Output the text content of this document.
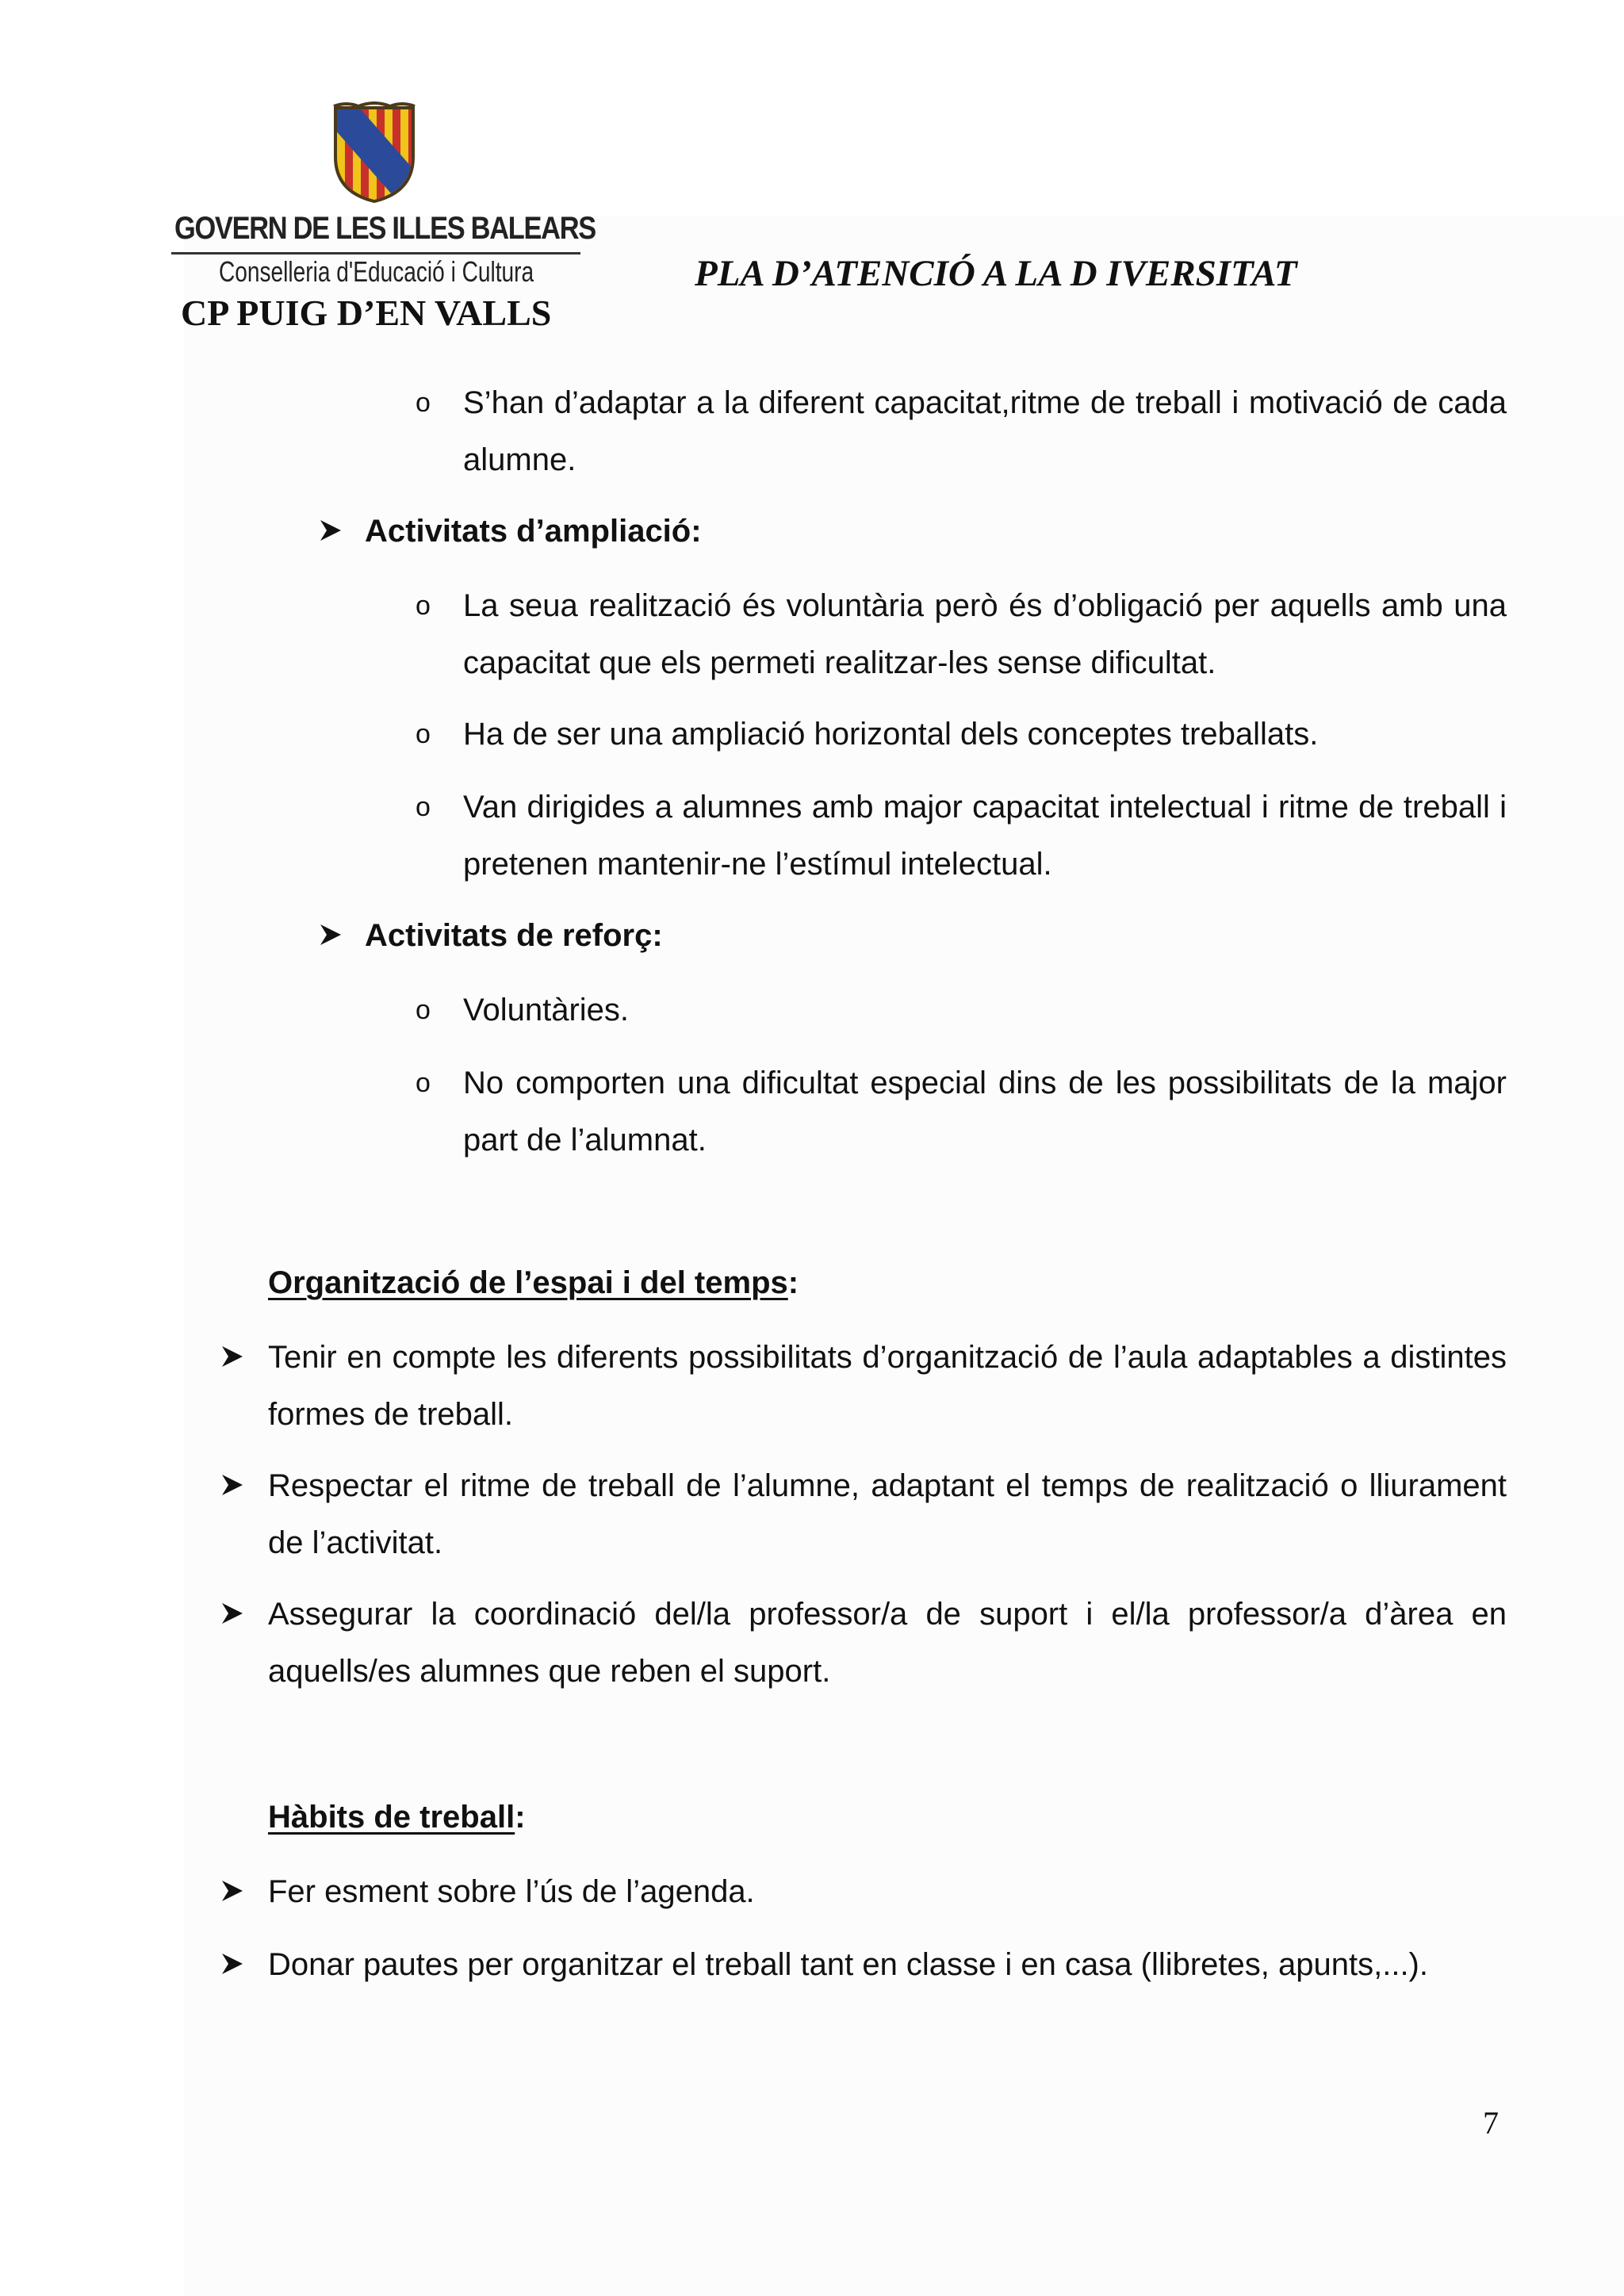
GOVERN DE LES ILLES BALEARS
Conselleria d'Educació i Cultura
CP PUIG D’EN VALLS
PLA D’ATENCIÓ A LA D IVERSITAT
o S’han d’adaptar a la diferent capacitat,ritme de treball i motivació de cada alumne.
Activitats d’ampliació:
o La seua realització és voluntària però és d’obligació per aquells amb una capacitat que els permeti realitzar-les sense dificultat.
o Ha de ser una ampliació horizontal dels conceptes treballats.
o Van dirigides a alumnes amb major capacitat intelectual i ritme de treball i pretenen mantenir-ne l’estímul intelectual.
Activitats de reforç:
o Voluntàries.
o No comporten una dificultat especial dins de les possibilitats de la major part de l’alumnat.
Organització de l’espai i del temps:
Tenir en compte les diferents possibilitats d’organització de l’aula adaptables a distintes formes de treball.
Respectar el ritme de treball de l’alumne, adaptant el temps de realització o lliurament de l’activitat.
Assegurar la coordinació del/la professor/a de suport i el/la professor/a d’àrea en aquells/es alumnes que reben el suport.
Hàbits de treball:
Fer esment sobre l’ús de l’agenda.
Donar pautes per organitzar el treball tant en classe i en casa (llibretes, apunts,...).
7
